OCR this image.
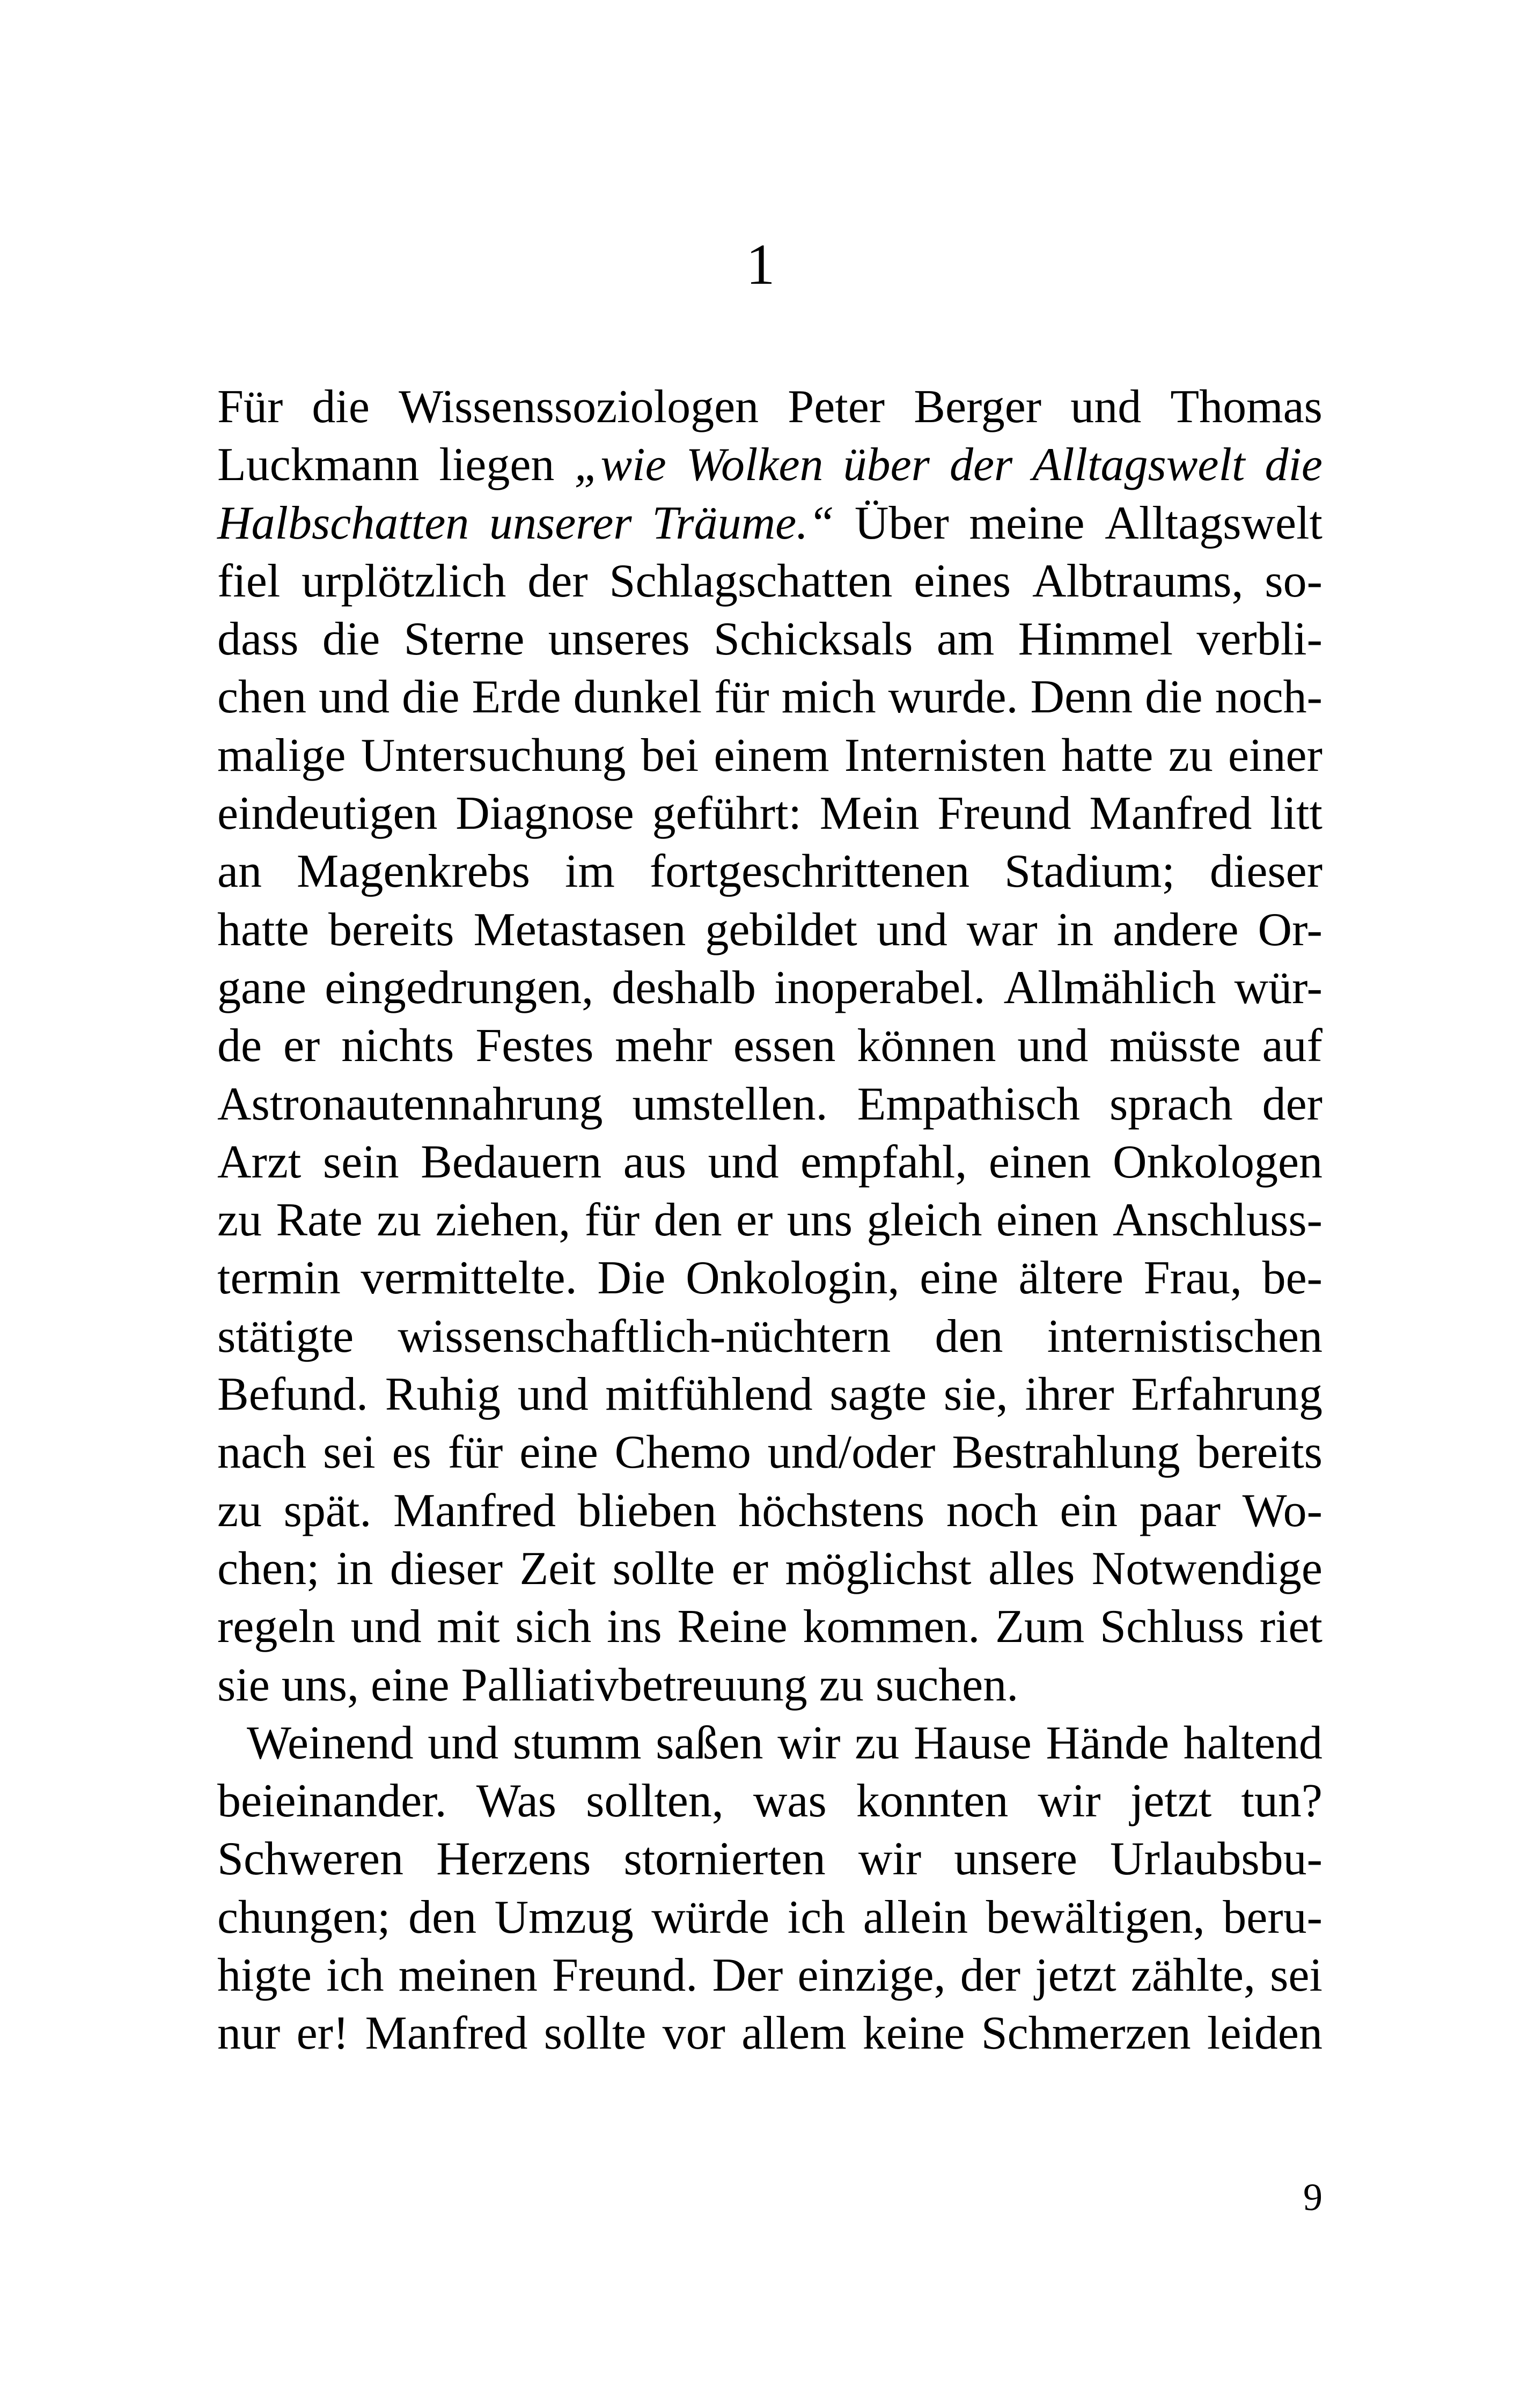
1
Für die Wissenssoziologen Peter Berger und Thomas
Luckmann liegen „wie Wolken über der Alltagswelt die
Halbschatten unserer Träume.“ Über meine Alltagswelt
fiel urplötzlich der Schlagschatten eines Albtraums, so-
dass die Sterne unseres Schicksals am Himmel verbli-
chen und die Erde dunkel für mich wurde. Denn die noch-
malige Untersuchung bei einem Internisten hatte zu einer
eindeutigen Diagnose geführt: Mein Freund Manfred litt
an Magenkrebs im fortgeschrittenen Stadium; dieser
hatte bereits Metastasen gebildet und war in andere Or-
gane eingedrungen, deshalb inoperabel. Allmählich wür-
de er nichts Festes mehr essen können und müsste auf
Astronautennahrung umstellen. Empathisch sprach der
Arzt sein Bedauern aus und empfahl, einen Onkologen
zu Rate zu ziehen, für den er uns gleich einen Anschluss-
termin vermittelte. Die Onkologin, eine ältere Frau, be-
stätigte wissenschaftlich-nüchtern den internistischen
Befund. Ruhig und mitfühlend sagte sie, ihrer Erfahrung
nach sei es für eine Chemo und/oder Bestrahlung bereits
zu spät. Manfred blieben höchstens noch ein paar Wo-
chen; in dieser Zeit sollte er möglichst alles Notwendige
regeln und mit sich ins Reine kommen. Zum Schluss riet
sie uns, eine Palliativbetreuung zu suchen.
Weinend und stumm saßen wir zu Hause Hände haltend
beieinander. Was sollten, was konnten wir jetzt tun?
Schweren Herzens stornierten wir unsere Urlaubsbu-
chungen; den Umzug würde ich allein bewältigen, beru-
higte ich meinen Freund. Der einzige, der jetzt zählte, sei
nur er! Manfred sollte vor allem keine Schmerzen leiden
9
